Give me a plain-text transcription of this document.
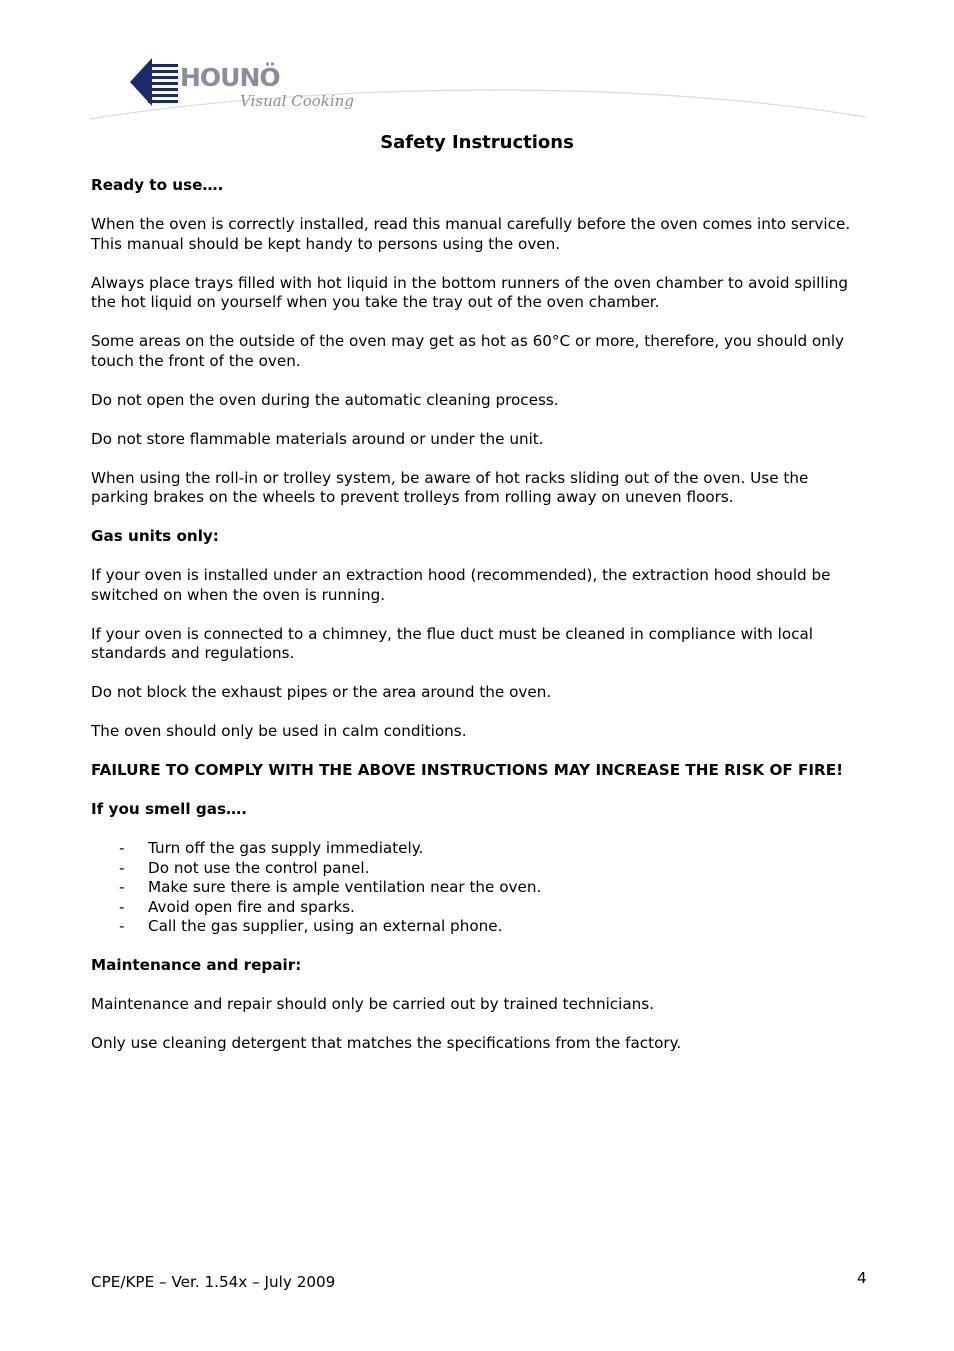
HOUNÖ
Visual Cooking
Safety Instructions

Ready to use….

When the oven is correctly installed, read this manual carefully before the oven comes into service.
This manual should be kept handy to persons using the oven.

Always place trays filled with hot liquid in the bottom runners of the oven chamber to avoid spilling the hot liquid on yourself when you take the tray out of the oven chamber.

Some areas on the outside of the oven may get as hot as 60°C or more, therefore, you should only touch the front of the oven.

Do not open the oven during the automatic cleaning process.

Do not store flammable materials around or under the unit.

When using the roll-in or trolley system, be aware of hot racks sliding out of the oven. Use the parking brakes on the wheels to prevent trolleys from rolling away on uneven floors.

Gas units only:

If your oven is installed under an extraction hood (recommended), the extraction hood should be switched on when the oven is running.

If your oven is connected to a chimney, the flue duct must be cleaned in compliance with local standards and regulations.

Do not block the exhaust pipes or the area around the oven.

The oven should only be used in calm conditions.

FAILURE TO COMPLY WITH THE ABOVE INSTRUCTIONS MAY INCREASE THE RISK OF FIRE!

If you smell gas….

- Turn off the gas supply immediately.
- Do not use the control panel.
- Make sure there is ample ventilation near the oven.
- Avoid open fire and sparks.
- Call the gas supplier, using an external phone.

Maintenance and repair:

Maintenance and repair should only be carried out by trained technicians.

Only use cleaning detergent that matches the specifications from the factory.

CPE/KPE – Ver. 1.54x – July 2009	4
